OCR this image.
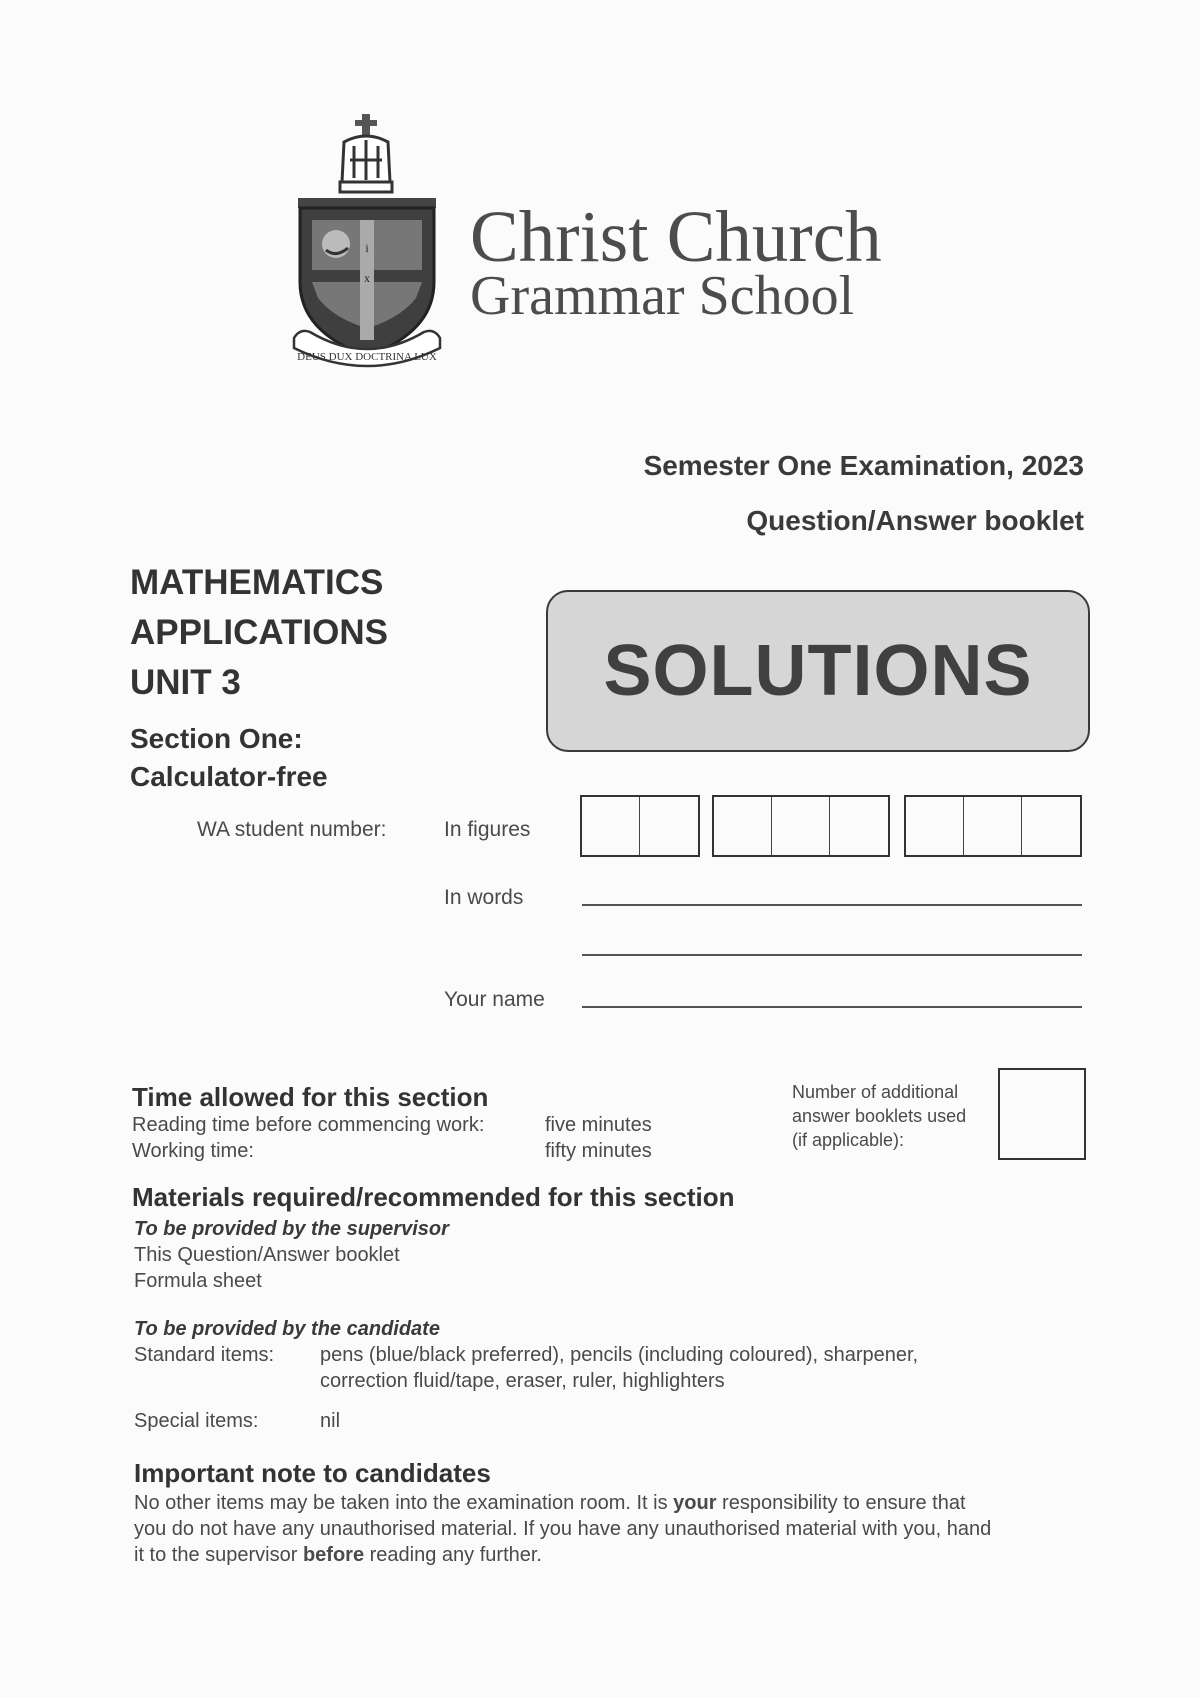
i
x
DEUS DUX DOCTRINA LUX
Christ Church
Grammar School
Semester One Examination, 2023
Question/Answer booklet
MATHEMATICS
APPLICATIONS
UNIT 3
Section One:
Calculator-free
SOLUTIONS
WA student number:	In figures
In words
Your name
Time allowed for this section
Reading time before commencing work:	five minutes
Working time:	fifty minutes
Number of additional
answer booklets used
(if applicable):
Materials required/recommended for this section
To be provided by the supervisor
This Question/Answer booklet
Formula sheet
To be provided by the candidate
Standard items: pens (blue/black preferred), pencils (including coloured), sharpener,
correction fluid/tape, eraser, ruler, highlighters
Special items:	nil
Important note to candidates
No other items may be taken into the examination room. It is your responsibility to ensure that
you do not have any unauthorised material. If you have any unauthorised material with you, hand
it to the supervisor before reading any further.
